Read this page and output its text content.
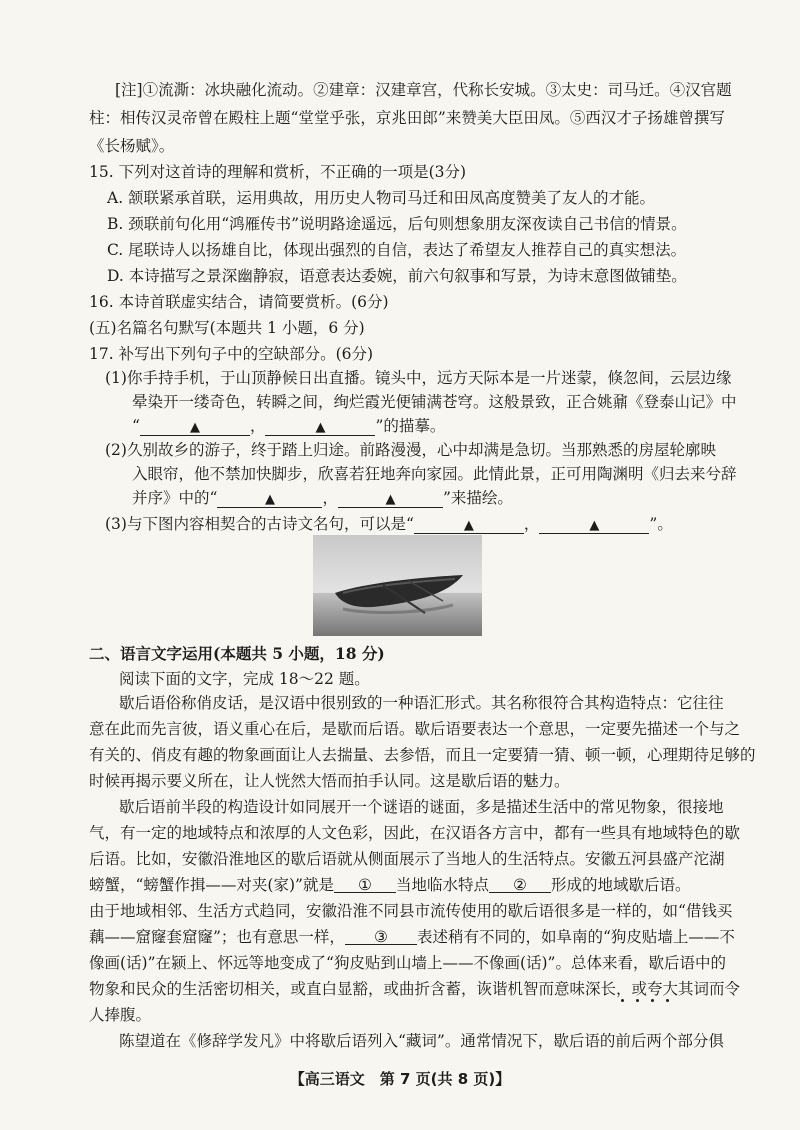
[注]①流澌：冰块融化流动。②建章：汉建章宫，代称长安城。③太史：司马迁。④汉官题

柱：相传汉灵帝曾在殿柱上题“堂堂乎张，京兆田郎”来赞美大臣田凤。⑤西汉才子扬雄曾撰写

《长杨赋》。

15. 下列对这首诗的理解和赏析，不正确的一项是(3分)

A. 颔联紧承首联，运用典故，用历史人物司马迁和田凤高度赞美了友人的才能。

B. 颈联前句化用“鸿雁传书”说明路途遥远，后句则想象朋友深夜读自己书信的情景。

C. 尾联诗人以扬雄自比，体现出强烈的自信，表达了希望友人推荐自己的真实想法。

D. 本诗描写之景深幽静寂，语意表达委婉，前六句叙事和写景，为诗末意图做铺垫。

16. 本诗首联虚实结合，请简要赏析。(6分)

(五)名篇名句默写(本题共 1 小题，6 分)

17. 补写出下列句子中的空缺部分。(6分)

(1)你手持手机，于山顶静候日出直播。镜头中，远方天际本是一片迷蒙，倏忽间，云层边缘

晕染开一缕奇色，转瞬之间，绚烂霞光便铺满苍穹。这般景致，正合姚鼐《登泰山记》中

“	▲	，	▲	”的描摹。

(2)久别故乡的游子，终于踏上归途。前路漫漫，心中却满是急切。当那熟悉的房屋轮廓映

入眼帘，他不禁加快脚步，欣喜若狂地奔向家园。此情此景，正可用陶渊明《归去来兮辞

并序》中的“	▲	，	▲	”来描绘。

(3)与下图内容相契合的古诗文名句，可以是“	▲	，	▲	”。

二、语言文字运用(本题共 5 小题，18 分)

阅读下面的文字，完成 18～22 题。

歇后语俗称俏皮话，是汉语中很别致的一种语汇形式。其名称很符合其构造特点：它往往

意在此而先言彼，语义重心在后，是歇而后语。歇后语要表达一个意思，一定要先描述一个与之

有关的、俏皮有趣的物象画面让人去揣量、去参悟，而且一定要猜一猜、顿一顿，心理期待足够的

时候再揭示要义所在，让人恍然大悟而拍手认同。这是歇后语的魅力。

歇后语前半段的构造设计如同展开一个谜语的谜面，多是描述生活中的常见物象，很接地

气，有一定的地域特点和浓厚的人文色彩，因此，在汉语各方言中，都有一些具有地域特色的歇

后语。比如，安徽沿淮地区的歇后语就从侧面展示了当地人的生活特点。安徽五河县盛产沱湖

螃蟹，“螃蟹作揖——对夹(家)”就是 ① 当地临水特点 ② 形成的地域歇后语。

由于地域相邻、生活方式趋同，安徽沿淮不同县市流传使用的歇后语很多是一样的，如“借钱买

藕——窟窿套窟窿”；也有意思一样， ③ 表述稍有不同的，如阜南的“狗皮贴墙上——不

像画(话)”在颍上、怀远等地变成了“狗皮贴到山墙上——不像画(话)”。总体来看，歇后语中的

物象和民众的生活密切相关，或直白显豁，或曲折含蓄，诙谐机智而意味深长，或夸大其词而令

人捧腹。

陈望道在《修辞学发凡》中将歇后语列入“藏词”。通常情况下，歇后语的前后两个部分俱

【高三语文　第 7 页(共 8 页)】
